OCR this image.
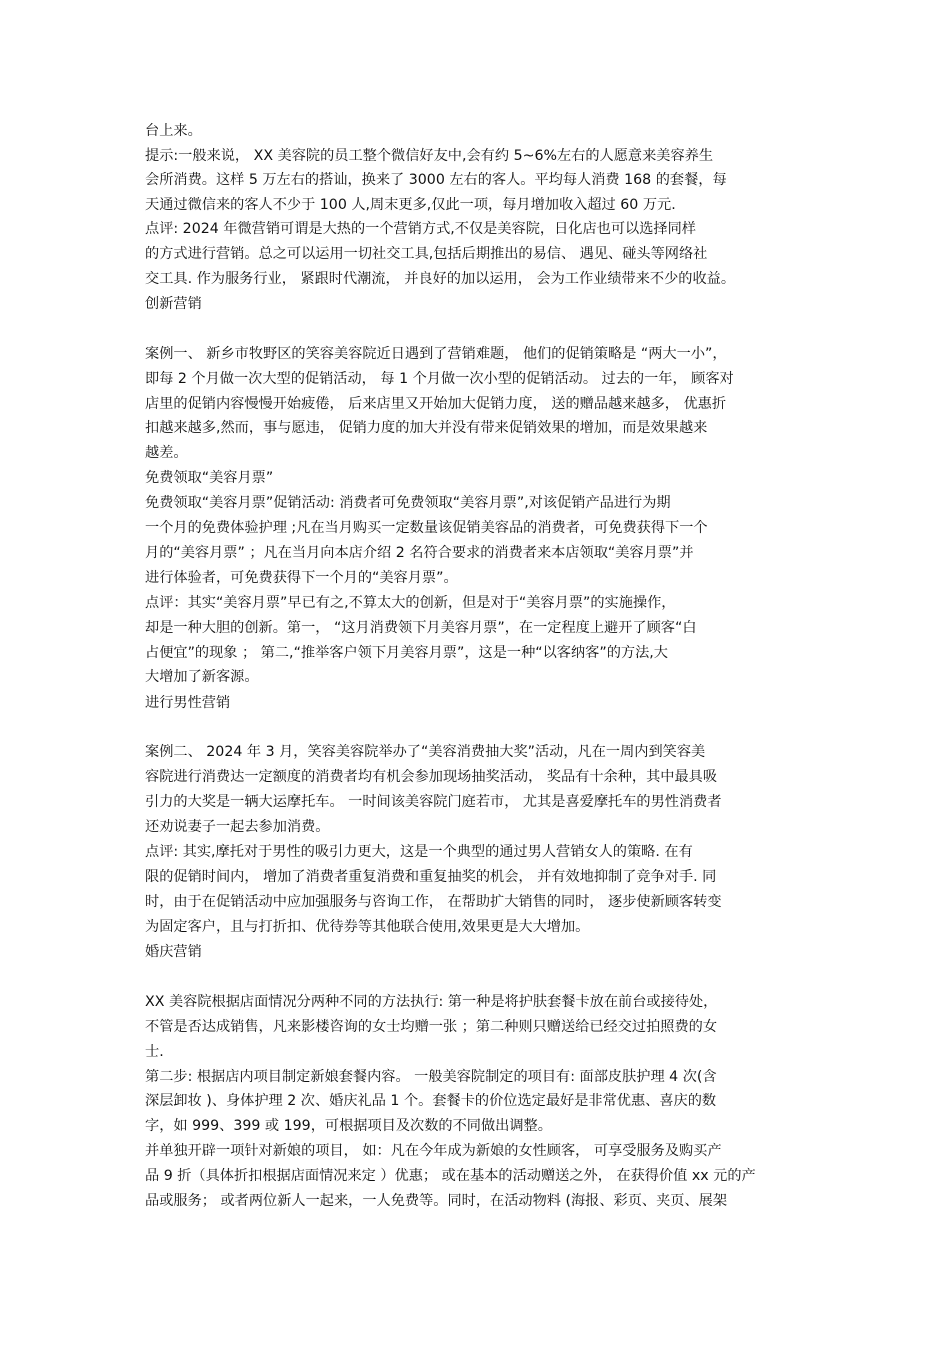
台上来。
提示:一般来说， XX 美容院的员工整个微信好友中,会有约 5~6%左右的人愿意来美容养生
会所消费。这样 5 万左右的搭讪，换来了 3000 左右的客人。平均每人消费 168 的套餐，每
天通过微信来的客人不少于 100 人,周末更多,仅此一项，每月增加收入超过 60 万元.
点评: 2024 年微营销可谓是大热的一个营销方式,不仅是美容院，日化店也可以选择同样
的方式进行营销。总之可以运用一切社交工具,包括后期推出的易信、 遇见、碰头等网络社
交工具. 作为服务行业， 紧跟时代潮流， 并良好的加以运用， 会为工作业绩带来不少的收益。
创新营销
案例一、 新乡市牧野区的笑容美容院近日遇到了营销难题， 他们的促销策略是 “两大一小”，
即每 2 个月做一次大型的促销活动， 每 1 个月做一次小型的促销活动。 过去的一年， 顾客对
店里的促销内容慢慢开始疲倦， 后来店里又开始加大促销力度， 送的赠品越来越多， 优惠折
扣越来越多,然而，事与愿违， 促销力度的加大并没有带来促销效果的增加，而是效果越来
越差。
免费领取“美容月票”
免费领取“美容月票”促销活动: 消费者可免费领取“美容月票”,对该促销产品进行为期
一个月的免费体验护理 ;凡在当月购买一定数量该促销美容品的消费者，可免费获得下一个
月的“美容月票” ；凡在当月向本店介绍 2 名符合要求的消费者来本店领取“美容月票”并
进行体验者，可免费获得下一个月的“美容月票”。
点评：其实“美容月票”早已有之,不算太大的创新，但是对于“美容月票”的实施操作，
却是一种大胆的创新。第一， “这月消费领下月美容月票”，在一定程度上避开了顾客“白
占便宜”的现象 ； 第二,“推举客户领下月美容月票”，这是一种“以客纳客”的方法,大
大增加了新客源。
进行男性营销
案例二、 2024 年 3 月，笑容美容院举办了“美容消费抽大奖”活动，凡在一周内到笑容美
容院进行消费达一定额度的消费者均有机会参加现场抽奖活动， 奖品有十余种，其中最具吸
引力的大奖是一辆大运摩托车。 一时间该美容院门庭若市， 尤其是喜爱摩托车的男性消费者
还劝说妻子一起去参加消费。
点评: 其实,摩托对于男性的吸引力更大，这是一个典型的通过男人营销女人的策略. 在有
限的促销时间内， 增加了消费者重复消费和重复抽奖的机会， 并有效地抑制了竞争对手. 同
时，由于在促销活动中应加强服务与咨询工作， 在帮助扩大销售的同时， 逐步使新顾客转变
为固定客户，且与打折扣、优待券等其他联合使用,效果更是大大增加。
婚庆营销
XX 美容院根据店面情况分两种不同的方法执行: 第一种是将护肤套餐卡放在前台或接待处，
不管是否达成销售，凡来影楼咨询的女士均赠一张 ；第二种则只赠送给已经交过拍照费的女
士.
第二步: 根据店内项目制定新娘套餐内容。 一般美容院制定的项目有: 面部皮肤护理 4 次(含
深层卸妆 )、身体护理 2 次、婚庆礼品 1 个。套餐卡的价位选定最好是非常优惠、喜庆的数
字，如 999、399 或 199，可根据项目及次数的不同做出调整。
并单独开辟一项针对新娘的项目， 如：凡在今年成为新娘的女性顾客， 可享受服务及购买产
品 9 折（具体折扣根据店面情况来定 ）优惠； 或在基本的活动赠送之外， 在获得价值 xx 元的产
品或服务； 或者两位新人一起来，一人免费等。同时，在活动物料 (海报、彩页、夹页、展架
